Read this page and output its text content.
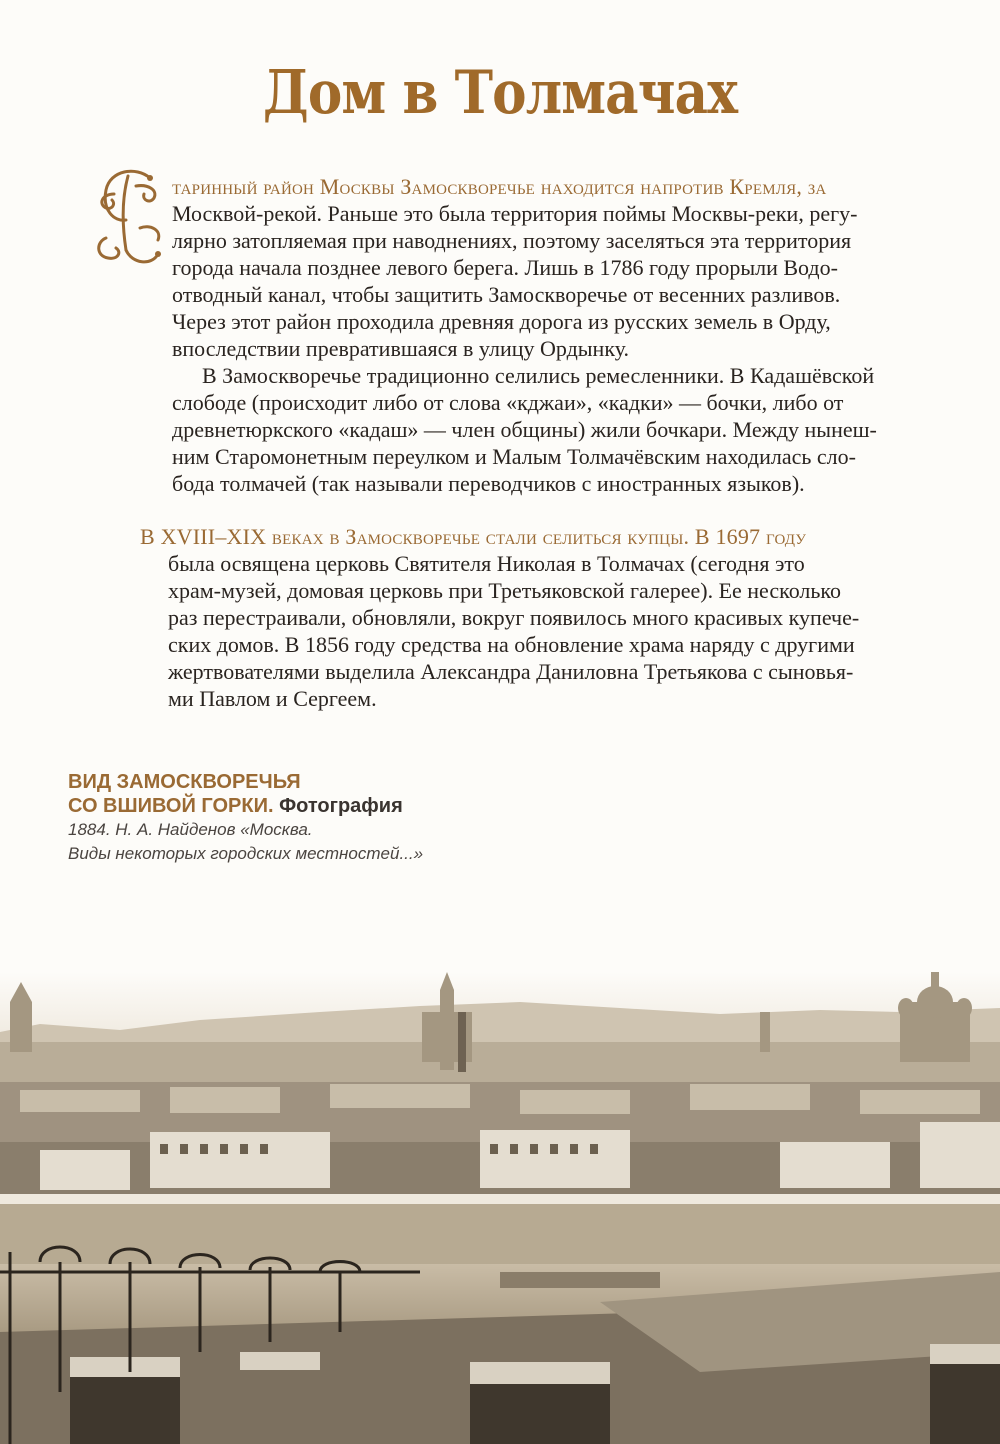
Дом в Толмачах
таринный район Москвы Замоскворечье находится напротив Кремля, за
Москвой-рекой. Раньше это была территория поймы Москвы-реки, регу-
лярно затопляемая при наводнениях, поэтому заселяться эта территория
города начала позднее левого берега. Лишь в 1786 году прорыли Водо-
отводный канал, чтобы защитить Замоскворечье от весенних разливов.
Через этот район проходила древняя дорога из русских земель в Орду,
впоследствии превратившаяся в улицу Ордынку.
В Замоскворечье традиционно селились ремесленники. В Кадашёвской
слободе (происходит либо от слова «кджаи», «кадки» — бочки, либо от
древнетюркского «кадаш» — член общины) жили бочкари. Между нынеш-
ним Старомонетным переулком и Малым Толмачёвским находилась сло-
бода толмачей (так называли переводчиков с иностранных языков).
В XVIII–XIX веках в Замоскворечье стали селиться купцы. В 1697 году
была освящена церковь Святителя Николая в Толмачах (сегодня это
храм-музей, домовая церковь при Третьяковской галерее). Ее несколько
раз перестраивали, обновляли, вокруг появилось много красивых купече-
ских домов. В 1856 году средства на обновление храма наряду с другими
жертвователями выделила Александра Даниловна Третьякова с сыновья-
ми Павлом и Сергеем.
ВИД ЗАМОСКВОРЕЧЬЯ
СО ВШИВОЙ ГОРКИ. Фотография
1884. Н. А. Найденов «Москва.
Виды некоторых городских местностей...»
